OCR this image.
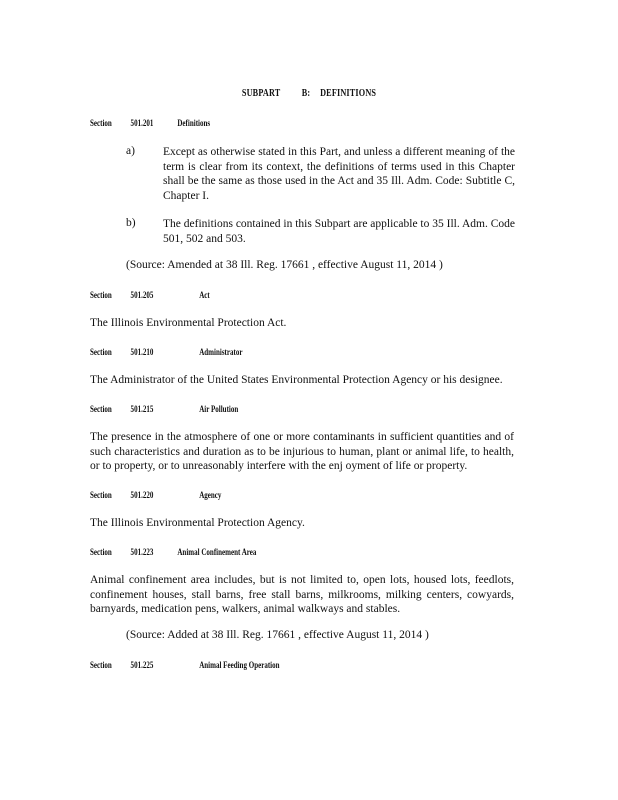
SUBPART B: DEFINITIONS
Section 501.201	Definitions
a) Except as otherwise stated in this Part, and unless a different meaning of the term is clear from its context, the definitions of terms used in this Chapter shall be the same as those used in the Act and 35 Ill. Adm. Code: Subtitle C, Chapter I.
b) The definitions contained in this Subpart are applicable to 35 Ill. Adm. Code 501, 502 and 503.
(Source: Amended at 38 Ill. Reg. 17661 , effective August 11, 2014 )
Section 501.205	Act
The Illinois Environmental Protection Act.
Section 501.210	Administrator
The Administrator of the United States Environmental Protection Agency or his designee.
Section 501.215	Air Pollution
The presence in the atmosphere of one or more contaminants in sufficient quantities and of such characteristics and duration as to be injurious to human, plant or animal life, to health, or to property, or to unreasonably interfere with the enj oyment of life or property.
Section 501.220	Agency
The Illinois Environmental Protection Agency.
Section 501.223	Animal Confinement Area
Animal confinement area includes, but is not limited to, open lots, housed lots, feedlots, confinement houses, stall barns, free stall barns, milkrooms, milking centers, cowyards, barnyards, medication pens, walkers, animal walkways and stables.
(Source: Added at 38 Ill. Reg. 17661 , effective August 11, 2014 )
Section 501.225	Animal Feeding Operation
